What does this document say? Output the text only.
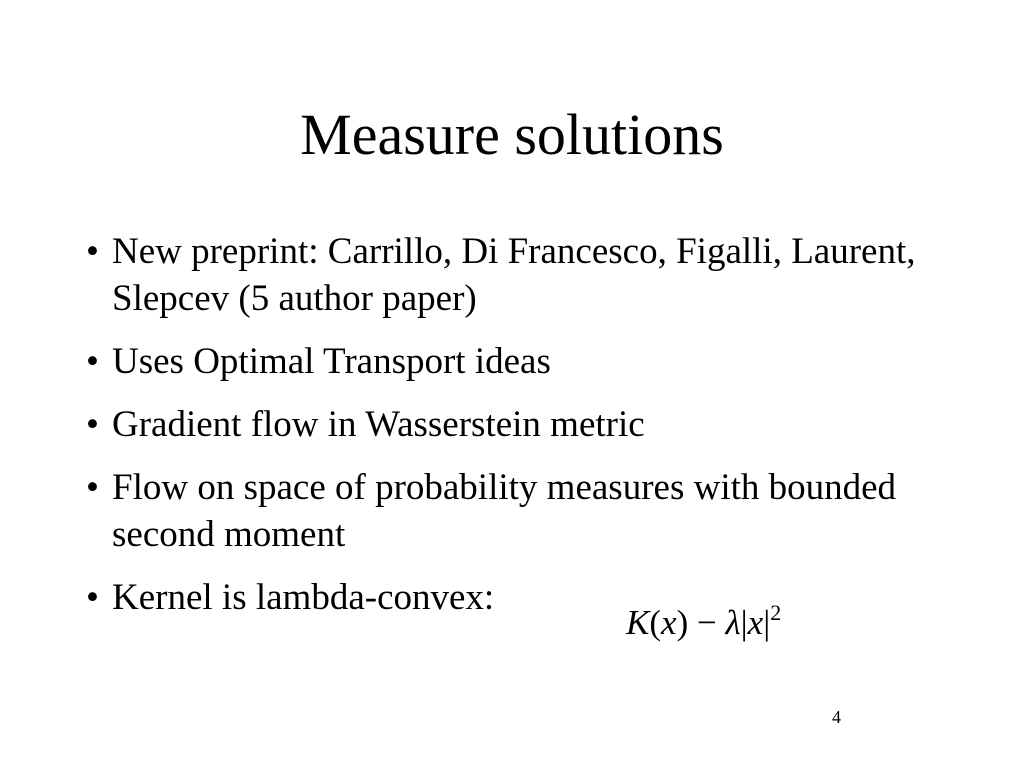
Measure solutions
• New preprint: Carrillo, Di Francesco, Figalli, Laurent, Slepcev (5 author paper)
• Uses Optimal Transport ideas
• Gradient flow in Wasserstein metric
• Flow on space of probability measures with bounded second moment
• Kernel is lambda-convex:
$K(x) - \lambda|x|^2$
4
